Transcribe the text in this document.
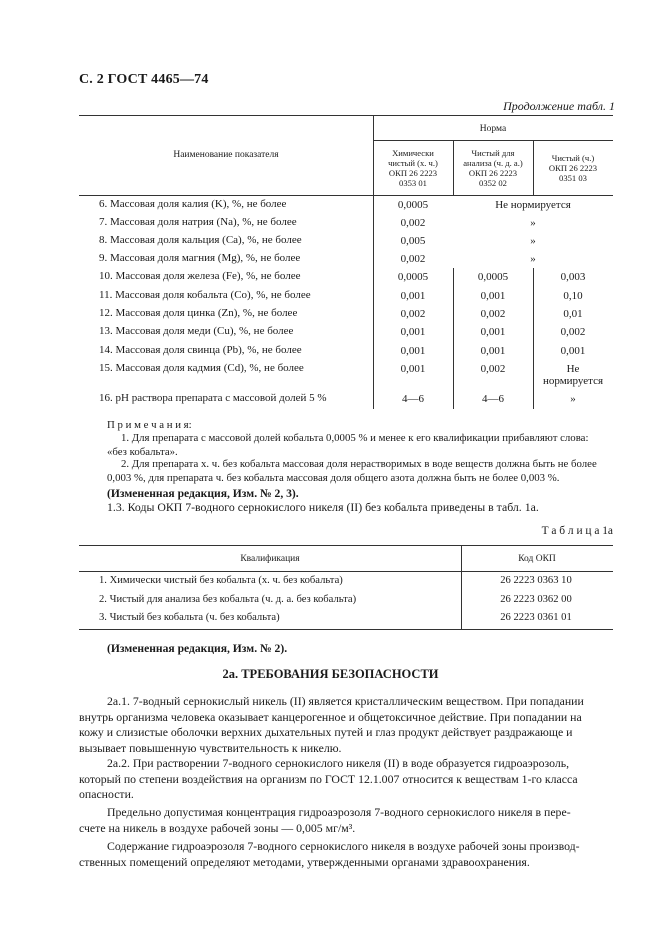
С. 2 ГОСТ 4465—74
Продолжение табл. 1
Наименование показателя
Норма
Химически
чистый (х. ч.)
ОКП 26 2223
0353 01
Чистый для
анализа (ч. д. а.)
ОКП 26 2223
0352 02
Чистый (ч.)
ОКП 26 2223
0351 03
6. Массовая доля калия (K), %, не более	0,0005	Не нормируется
7. Массовая доля натрия (Na), %, не более	0,002	»
8. Массовая доля кальция (Ca), %, не более	0,005	»
9. Массовая доля магния (Mg), %, не более	0,002	»
10. Массовая доля железа (Fe), %, не более	0,0005	0,0005	0,003
11. Массовая доля кобальта (Co), %, не более	0,001	0,001	0,10
12. Массовая доля цинка (Zn), %, не более	0,002	0,002	0,01
13. Массовая доля меди (Cu), %, не более	0,001	0,001	0,002
14. Массовая доля свинца (Pb), %, не более	0,001	0,001	0,001
15. Массовая доля кадмия (Cd), %, не более	0,001	0,002	Не
нормируется
16. pH раствора препарата с массовой долей 5 %	4—6	4—6	»
П р и м е ч а н и я:
1. Для препарата с массовой долей кобальта 0,0005 % и менее к его квалификации прибавляют слова:
«без кобальта».
2. Для препарата х. ч. без кобальта массовая доля нерастворимых в воде веществ должна быть не более
0,003 %, для препарата ч. без кобальта массовая доля общего азота должна быть не более 0,003 %.
(Измененная редакция, Изм. № 2, 3).
1.3. Коды ОКП 7-водного сернокислого никеля (II) без кобальта приведены в табл. 1а.
Т а б л и ц а 1а
Квалификация	Код ОКП
1. Химически чистый без кобальта (х. ч. без кобальта)	26 2223 0363 10
2. Чистый для анализа без кобальта (ч. д. а. без кобальта)	26 2223 0362 00
3. Чистый без кобальта (ч. без кобальта)	26 2223 0361 01
(Измененная редакция, Изм. № 2).
2а. ТРЕБОВАНИЯ БЕЗОПАСНОСТИ
2а.1. 7-водный сернокислый никель (II) является кристаллическим веществом. При попадании
внутрь организма человека оказывает канцерогенное и общетоксичное действие. При попадании на
кожу и слизистые оболочки верхних дыхательных путей и глаз продукт действует раздражающе и
вызывает повышенную чувствительность к никелю.
2а.2. При растворении 7-водного сернокислого никеля (II) в воде образуется гидроаэрозоль,
который по степени воздействия на организм по ГОСТ 12.1.007 относится к веществам 1-го класса
опасности.
Предельно допустимая концентрация гидроаэрозоля 7-водного сернокислого никеля в пере-
счете на никель в воздухе рабочей зоны — 0,005 мг/м³.
Содержание гидроаэрозоля 7-водного сернокислого никеля в воздухе рабочей зоны производ-
ственных помещений определяют методами, утвержденными органами здравоохранения.
